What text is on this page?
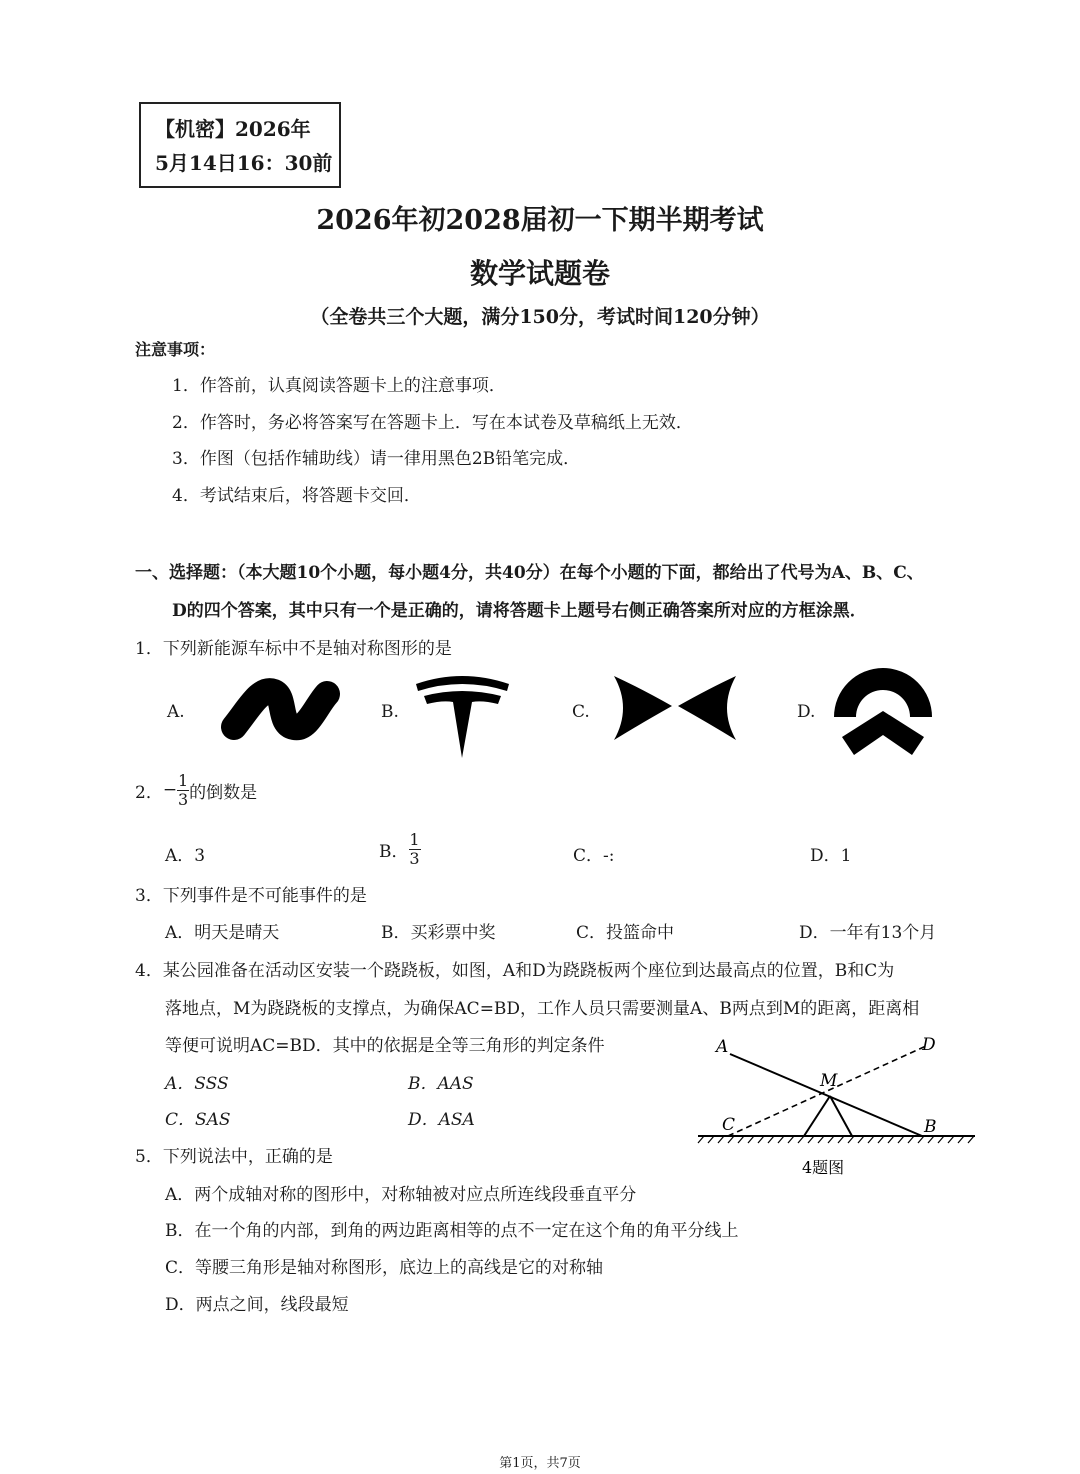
【机密】2026年
5月14日16：30前
2026年初2028届初一下期半期考试
数学试题卷
（全卷共三个大题，满分150分，考试时间120分钟）
注意事项：
1．作答前，认真阅读答题卡上的注意事项．
2．作答时，务必将答案写在答题卡上．写在本试卷及草稿纸上无效．
3．作图（包括作辅助线）请一律用黑色2B铅笔完成．
4．考试结束后，将答题卡交回．
一、选择题：（本大题10个小题，每小题4分，共40分）在每个小题的下面，都给出了代号为A、B、C、
D的四个答案，其中只有一个是正确的，请将答题卡上题号右侧正确答案所对应的方框涂黑．
1．下列新能源车标中不是轴对称图形的是
A.	B.	C.	D.
2． − $\frac{1}{3}$ 的倒数是
A．3	B． $\frac{1}{3}$	C．-:	D．1
3．下列事件是不可能事件的是
A．明天是晴天	B．买彩票中奖	C．投篮命中	D．一年有13个月
4．某公园准备在活动区安装一个跷跷板，如图，A和D为跷跷板两个座位到达最高点的位置，B和C为
落地点，M为跷跷板的支撑点，为确保AC=BD，工作人员只需要测量A、B两点到M的距离，距离相
等便可说明AC=BD．其中的依据是全等三角形的判定条件
A．SSS	B．AAS
C．SAS	D．ASA
A	D
M
C	B
4题图
5．下列说法中，正确的是
A．两个成轴对称的图形中，对称轴被对应点所连线段垂直平分
B．在一个角的内部，到角的两边距离相等的点不一定在这个角的角平分线上
C．等腰三角形是轴对称图形，底边上的高线是它的对称轴
D．两点之间，线段最短
第1页，共7页
